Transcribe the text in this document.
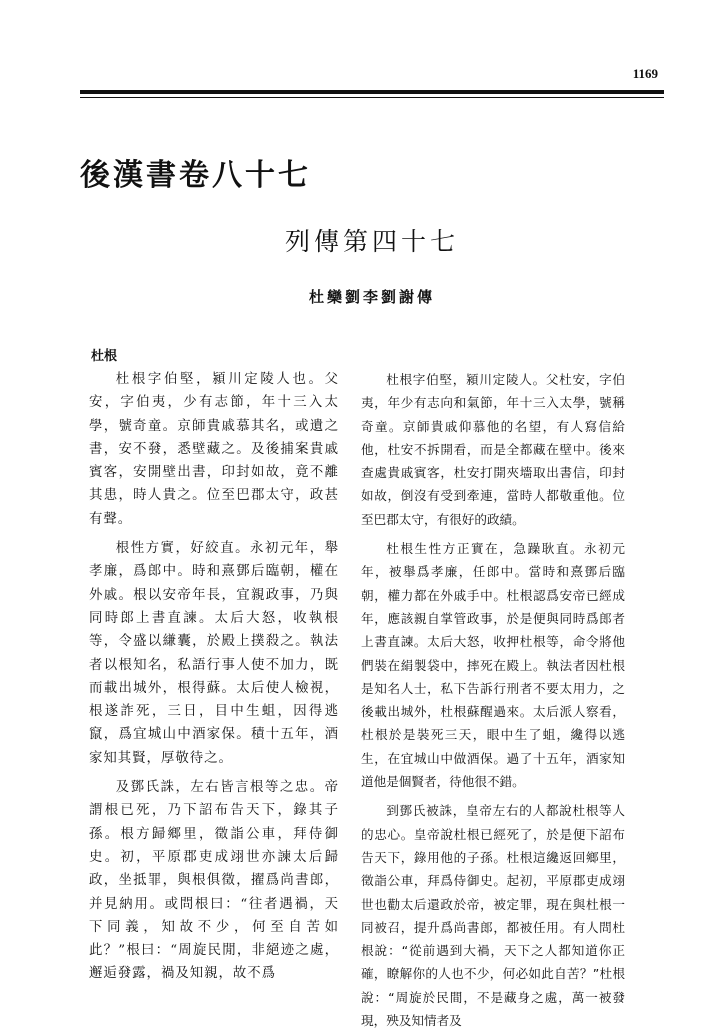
1169
後漢書卷八十七
列傳第四十七
杜欒劉李劉謝傳
杜根

杜根字伯堅，潁川定陵人也。父安，字伯夷，少有志節，年十三入太學，號奇童。京師貴戚慕其名，或遺之書，安不發，悉壁藏之。及後捕案貴戚賓客，安開壁出書，印封如故，竟不離其患，時人貴之。位至巴郡太守，政甚有聲。

根性方實，好絞直。永初元年，舉孝廉，爲郎中。時和熹鄧后臨朝，權在外戚。根以安帝年長，宜親政事，乃與同時郎上書直諫。太后大怒，收執根等，令盛以縑囊，於殿上撲殺之。執法者以根知名，私語行事人使不加力，既而載出城外，根得蘇。太后使人檢視，根遂詐死，三日，目中生蛆，因得逃竄，爲宜城山中酒家保。積十五年，酒家知其賢，厚敬待之。

及鄧氏誅，左右皆言根等之忠。帝謂根已死，乃下詔布告天下，錄其子孫。根方歸鄉里，徵詣公車，拜侍御史。初，平原郡吏成翊世亦諫太后歸政，坐抵罪，與根俱徵，擢爲尚書郎，并見納用。或問根曰：“往者遇禍，天下同義，知故不少，何至自苦如此？”根曰：“周旋民閒，非絕迹之處，邂逅發露，禍及知親，故不爲

杜根字伯堅，潁川定陵人。父杜安，字伯夷，年少有志向和氣節，年十三入太學，號稱奇童。京師貴戚仰慕他的名望，有人寫信給他，杜安不拆開看，而是全都藏在壁中。後來查處貴戚賓客，杜安打開夾墻取出書信，印封如故，倒沒有受到牽連，當時人都敬重他。位至巴郡太守，有很好的政績。

杜根生性方正實在，急躁耿直。永初元年，被舉爲孝廉，任郎中。當時和熹鄧后臨朝，權力都在外戚手中。杜根認爲安帝已經成年，應該親自掌管政事，於是便與同時爲郎者上書直諫。太后大怒，收押杜根等，命令將他們裝在絹製袋中，摔死在殿上。執法者因杜根是知名人士，私下告訴行刑者不要太用力，之後載出城外，杜根蘇醒過來。太后派人察看，杜根於是裝死三天，眼中生了蛆，纔得以逃生，在宜城山中做酒保。過了十五年，酒家知道他是個賢者，待他很不錯。

到鄧氏被誅，皇帝左右的人都說杜根等人的忠心。皇帝說杜根已經死了，於是便下詔布告天下，錄用他的子孫。杜根這纔返回鄉里，徵詣公車，拜爲侍御史。起初，平原郡吏成翊世也勸太后還政於帝，被定罪，現在與杜根一同被召，提升爲尚書郎，都被任用。有人問杜根說：“從前遇到大禍，天下之人都知道你正確，瞭解你的人也不少，何必如此自苦？”杜根說：“周旋於民間，不是藏身之處，萬一被發現，殃及知情者及
